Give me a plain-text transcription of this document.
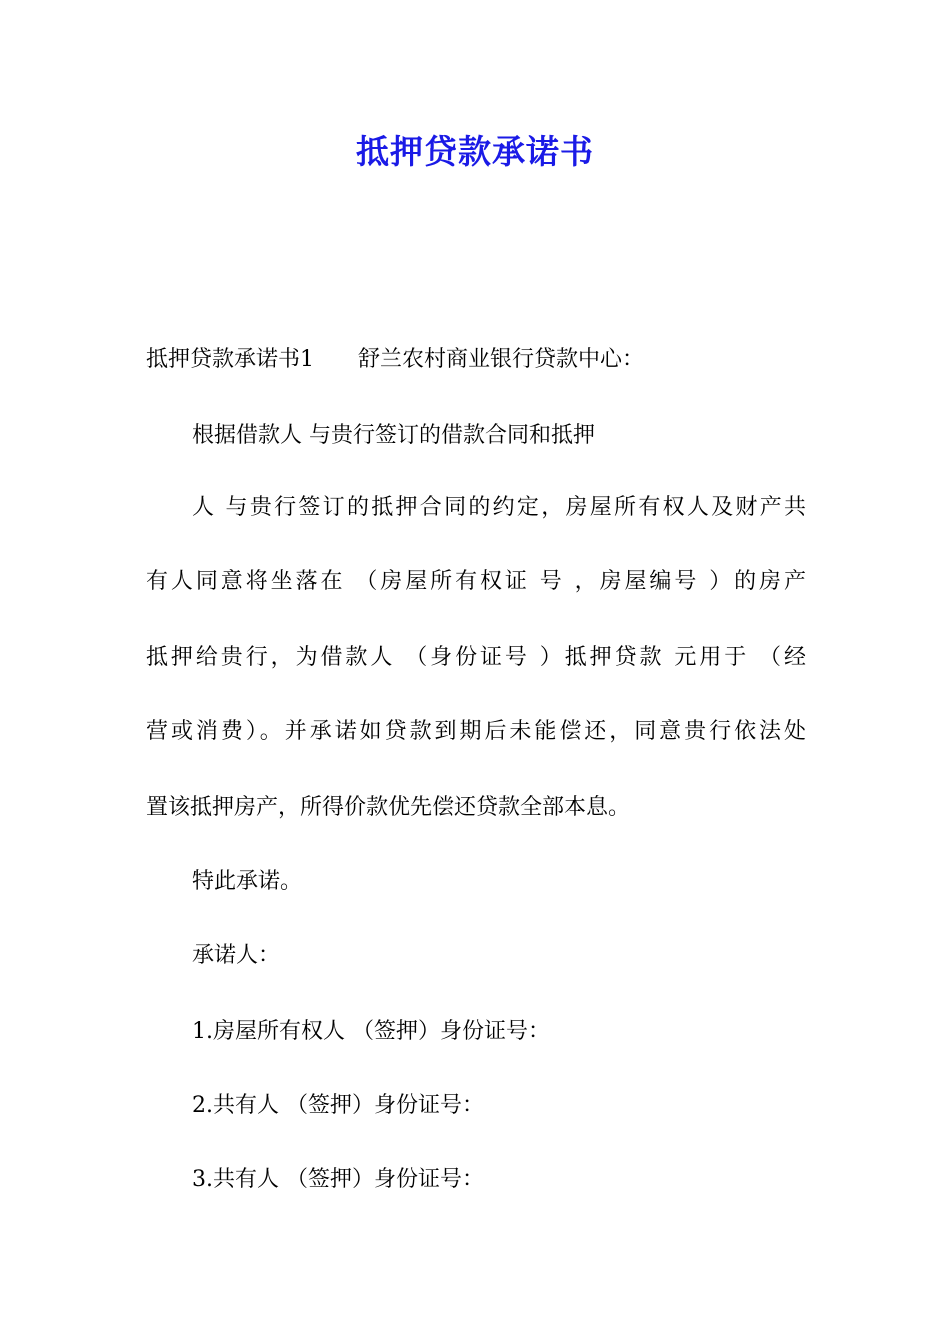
抵押贷款承诺书
抵押贷款承诺书1　　舒兰农村商业银行贷款中心：
根据借款人 与贵行签订的借款合同和抵押
人 与贵行签订的抵押合同的约定，房屋所有权人及财产共
有人同意将坐落在 （房屋所有权证 号 ，房屋编号 ）的房产
抵押给贵行，为借款人 （身份证号 ）抵押贷款 元用于 （经
营或消费）。并承诺如贷款到期后未能偿还，同意贵行依法处
置该抵押房产，所得价款优先偿还贷款全部本息。
特此承诺。
承诺人：
1.房屋所有权人 （签押）身份证号：
2.共有人 （签押）身份证号：
3.共有人 （签押）身份证号：
